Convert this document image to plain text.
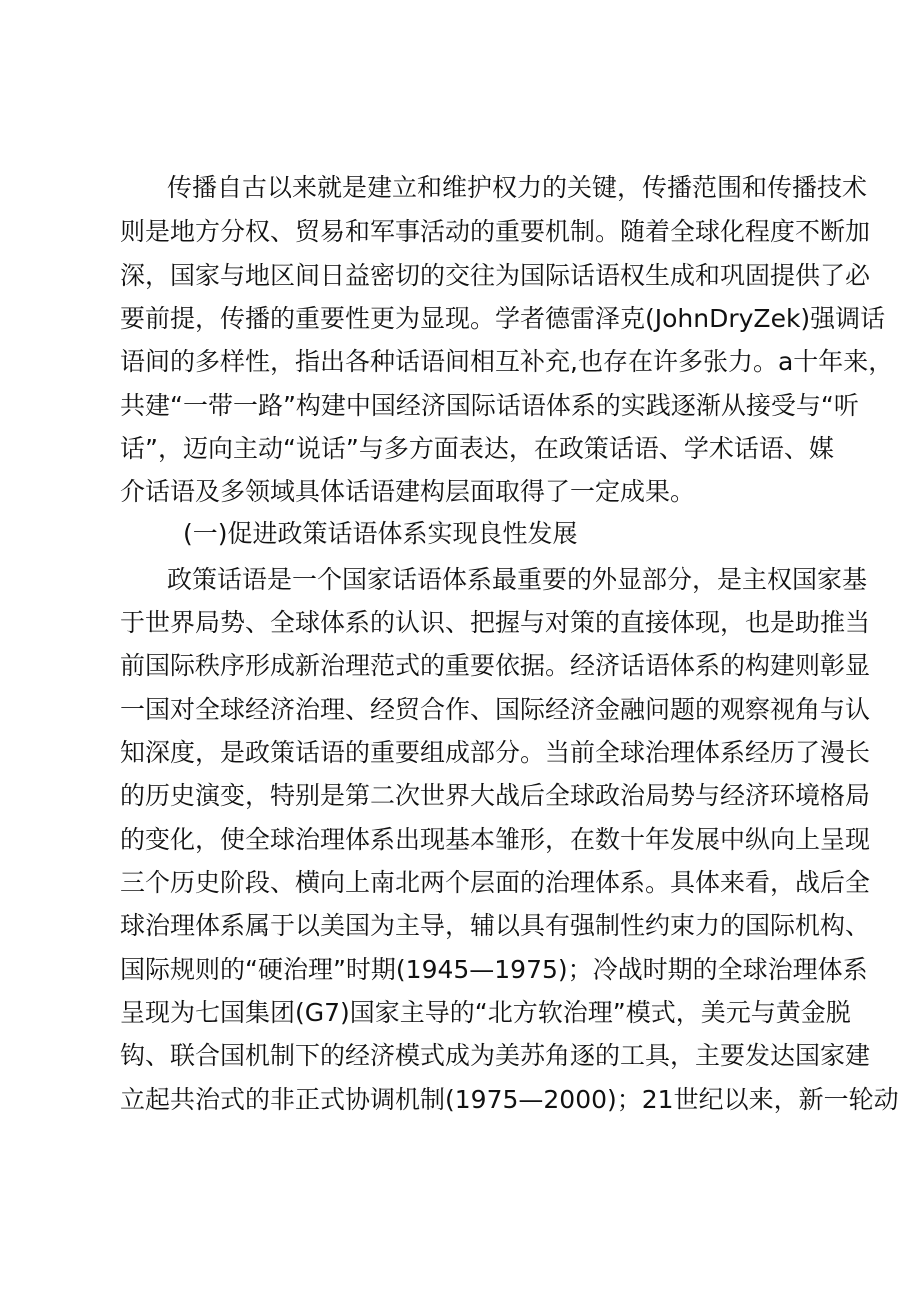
传播自古以来就是建立和维护权力的关键，传播范围和传播技术
则是地方分权、贸易和军事活动的重要机制。随着全球化程度不断加
深，国家与地区间日益密切的交往为国际话语权生成和巩固提供了必
要前提，传播的重要性更为显现。学者德雷泽克(JohnDryZek)强调话
语间的多样性，指出各种话语间相互补充,也存在许多张力。a十年来，
共建“一带一路”构建中国经济国际话语体系的实践逐渐从接受与“听
话”，迈向主动“说话”与多方面表达，在政策话语、学术话语、媒
介话语及多领域具体话语建构层面取得了一定成果。
(一)促进政策话语体系实现良性发展
政策话语是一个国家话语体系最重要的外显部分，是主权国家基
于世界局势、全球体系的认识、把握与对策的直接体现，也是助推当
前国际秩序形成新治理范式的重要依据。经济话语体系的构建则彰显
一国对全球经济治理、经贸合作、国际经济金融问题的观察视角与认
知深度，是政策话语的重要组成部分。当前全球治理体系经历了漫长
的历史演变，特别是第二次世界大战后全球政治局势与经济环境格局
的变化，使全球治理体系出现基本雏形，在数十年发展中纵向上呈现
三个历史阶段、横向上南北两个层面的治理体系。具体来看，战后全
球治理体系属于以美国为主导，辅以具有强制性约束力的国际机构、
国际规则的“硬治理”时期(1945—1975)；冷战时期的全球治理体系
呈现为七国集团(G7)国家主导的“北方软治理”模式，美元与黄金脱
钩、联合国机制下的经济模式成为美苏角逐的工具，主要发达国家建
立起共治式的非正式协调机制(1975—2000)；21世纪以来，新一轮动
